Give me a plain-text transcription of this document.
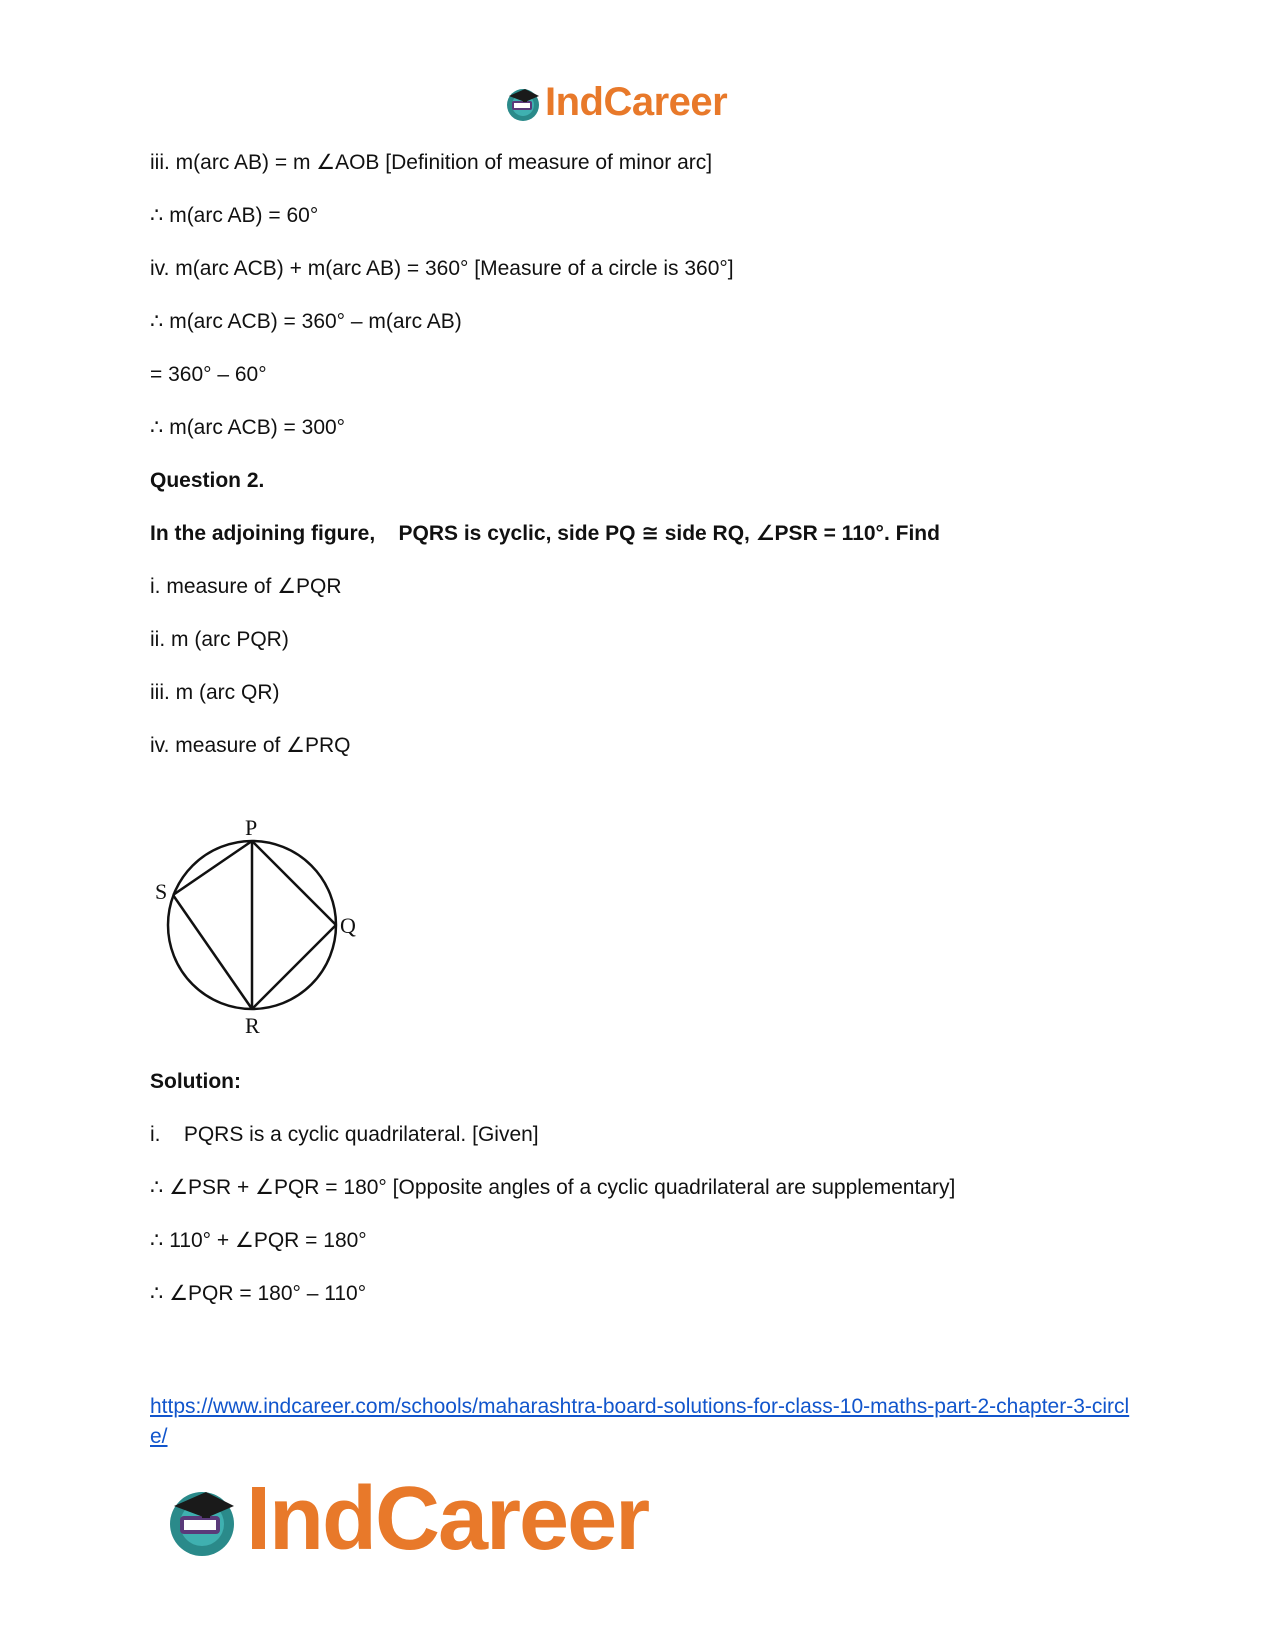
IndCareer
iii. m(arc AB) = m ∠AOB [Definition of measure of minor arc]
∴ m(arc AB) = 60°
iv. m(arc ACB) + m(arc AB) = 360° [Measure of a circle is 360°]
∴ m(arc ACB) = 360° – m(arc AB)
= 360° – 60°
∴ m(arc ACB) = 300°
Question 2.
In the adjoining figure,    PQRS is cyclic, side PQ ≅ side RQ, ∠PSR = 110°. Find
i. measure of ∠PQR
ii. m (arc PQR)
iii. m (arc QR)
iv. measure of ∠PRQ
P
Q
R
S
Solution:
i.    PQRS is a cyclic quadrilateral. [Given]
∴ ∠PSR + ∠PQR = 180° [Opposite angles of a cyclic quadrilateral are supplementary]
∴ 110° + ∠PQR = 180°
∴ ∠PQR = 180° – 110°
https://www.indcareer.com/schools/maharashtra-board-solutions-for-class-10-maths-part-2-chapter-3-circle/
IndCareer
